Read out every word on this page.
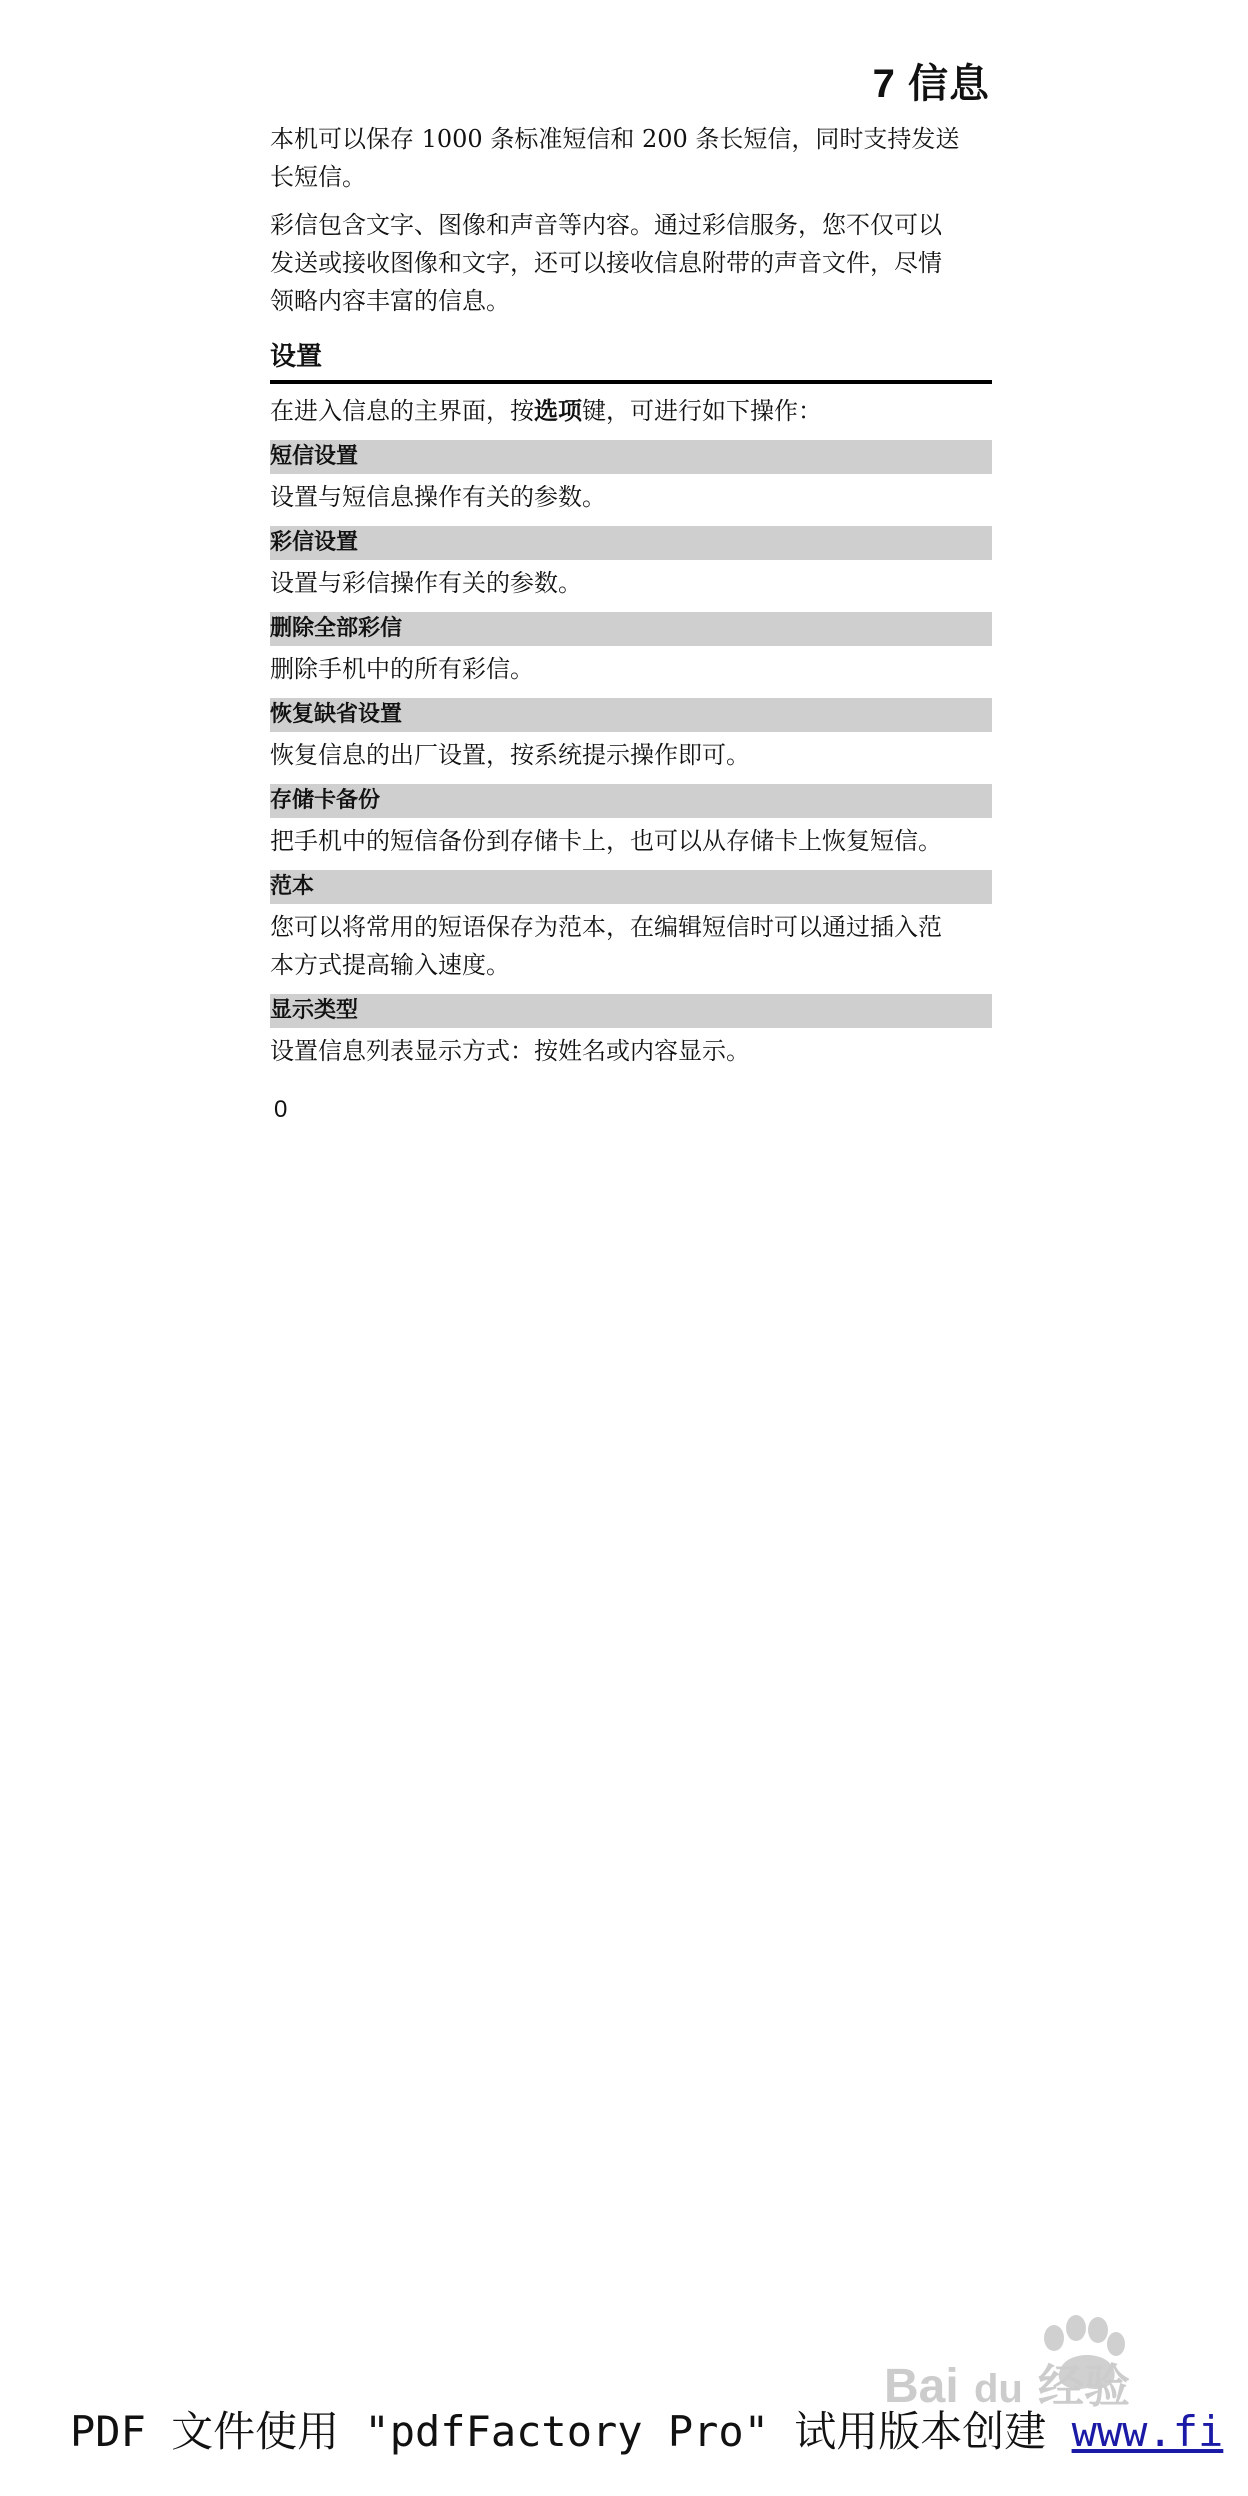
7 信息

本机可以保存 1000 条标准短信和 200 条长短信，同时支持发送
长短信。

彩信包含文字、图像和声音等内容。通过彩信服务，您不仅可以
发送或接收图像和文字，还可以接收信息附带的声音文件，尽情
领略内容丰富的信息。

设置
在进入信息的主界面，按选项键，可进行如下操作：
短信设置
设置与短信息操作有关的参数。
彩信设置
设置与彩信操作有关的参数。
删除全部彩信
删除手机中的所有彩信。
恢复缺省设置
恢复信息的出厂设置，按系统提示操作即可。
存储卡备份
把手机中的短信备份到存储卡上，也可以从存储卡上恢复短信。
范本
您可以将常用的短语保存为范本，在编辑短信时可以通过插入范
本方式提高输入速度。
显示类型
设置信息列表显示方式：按姓名或内容显示。
0
Bai du 经验
PDF 文件使用 "pdfFactory Pro" 试用版本创建 www.fi
